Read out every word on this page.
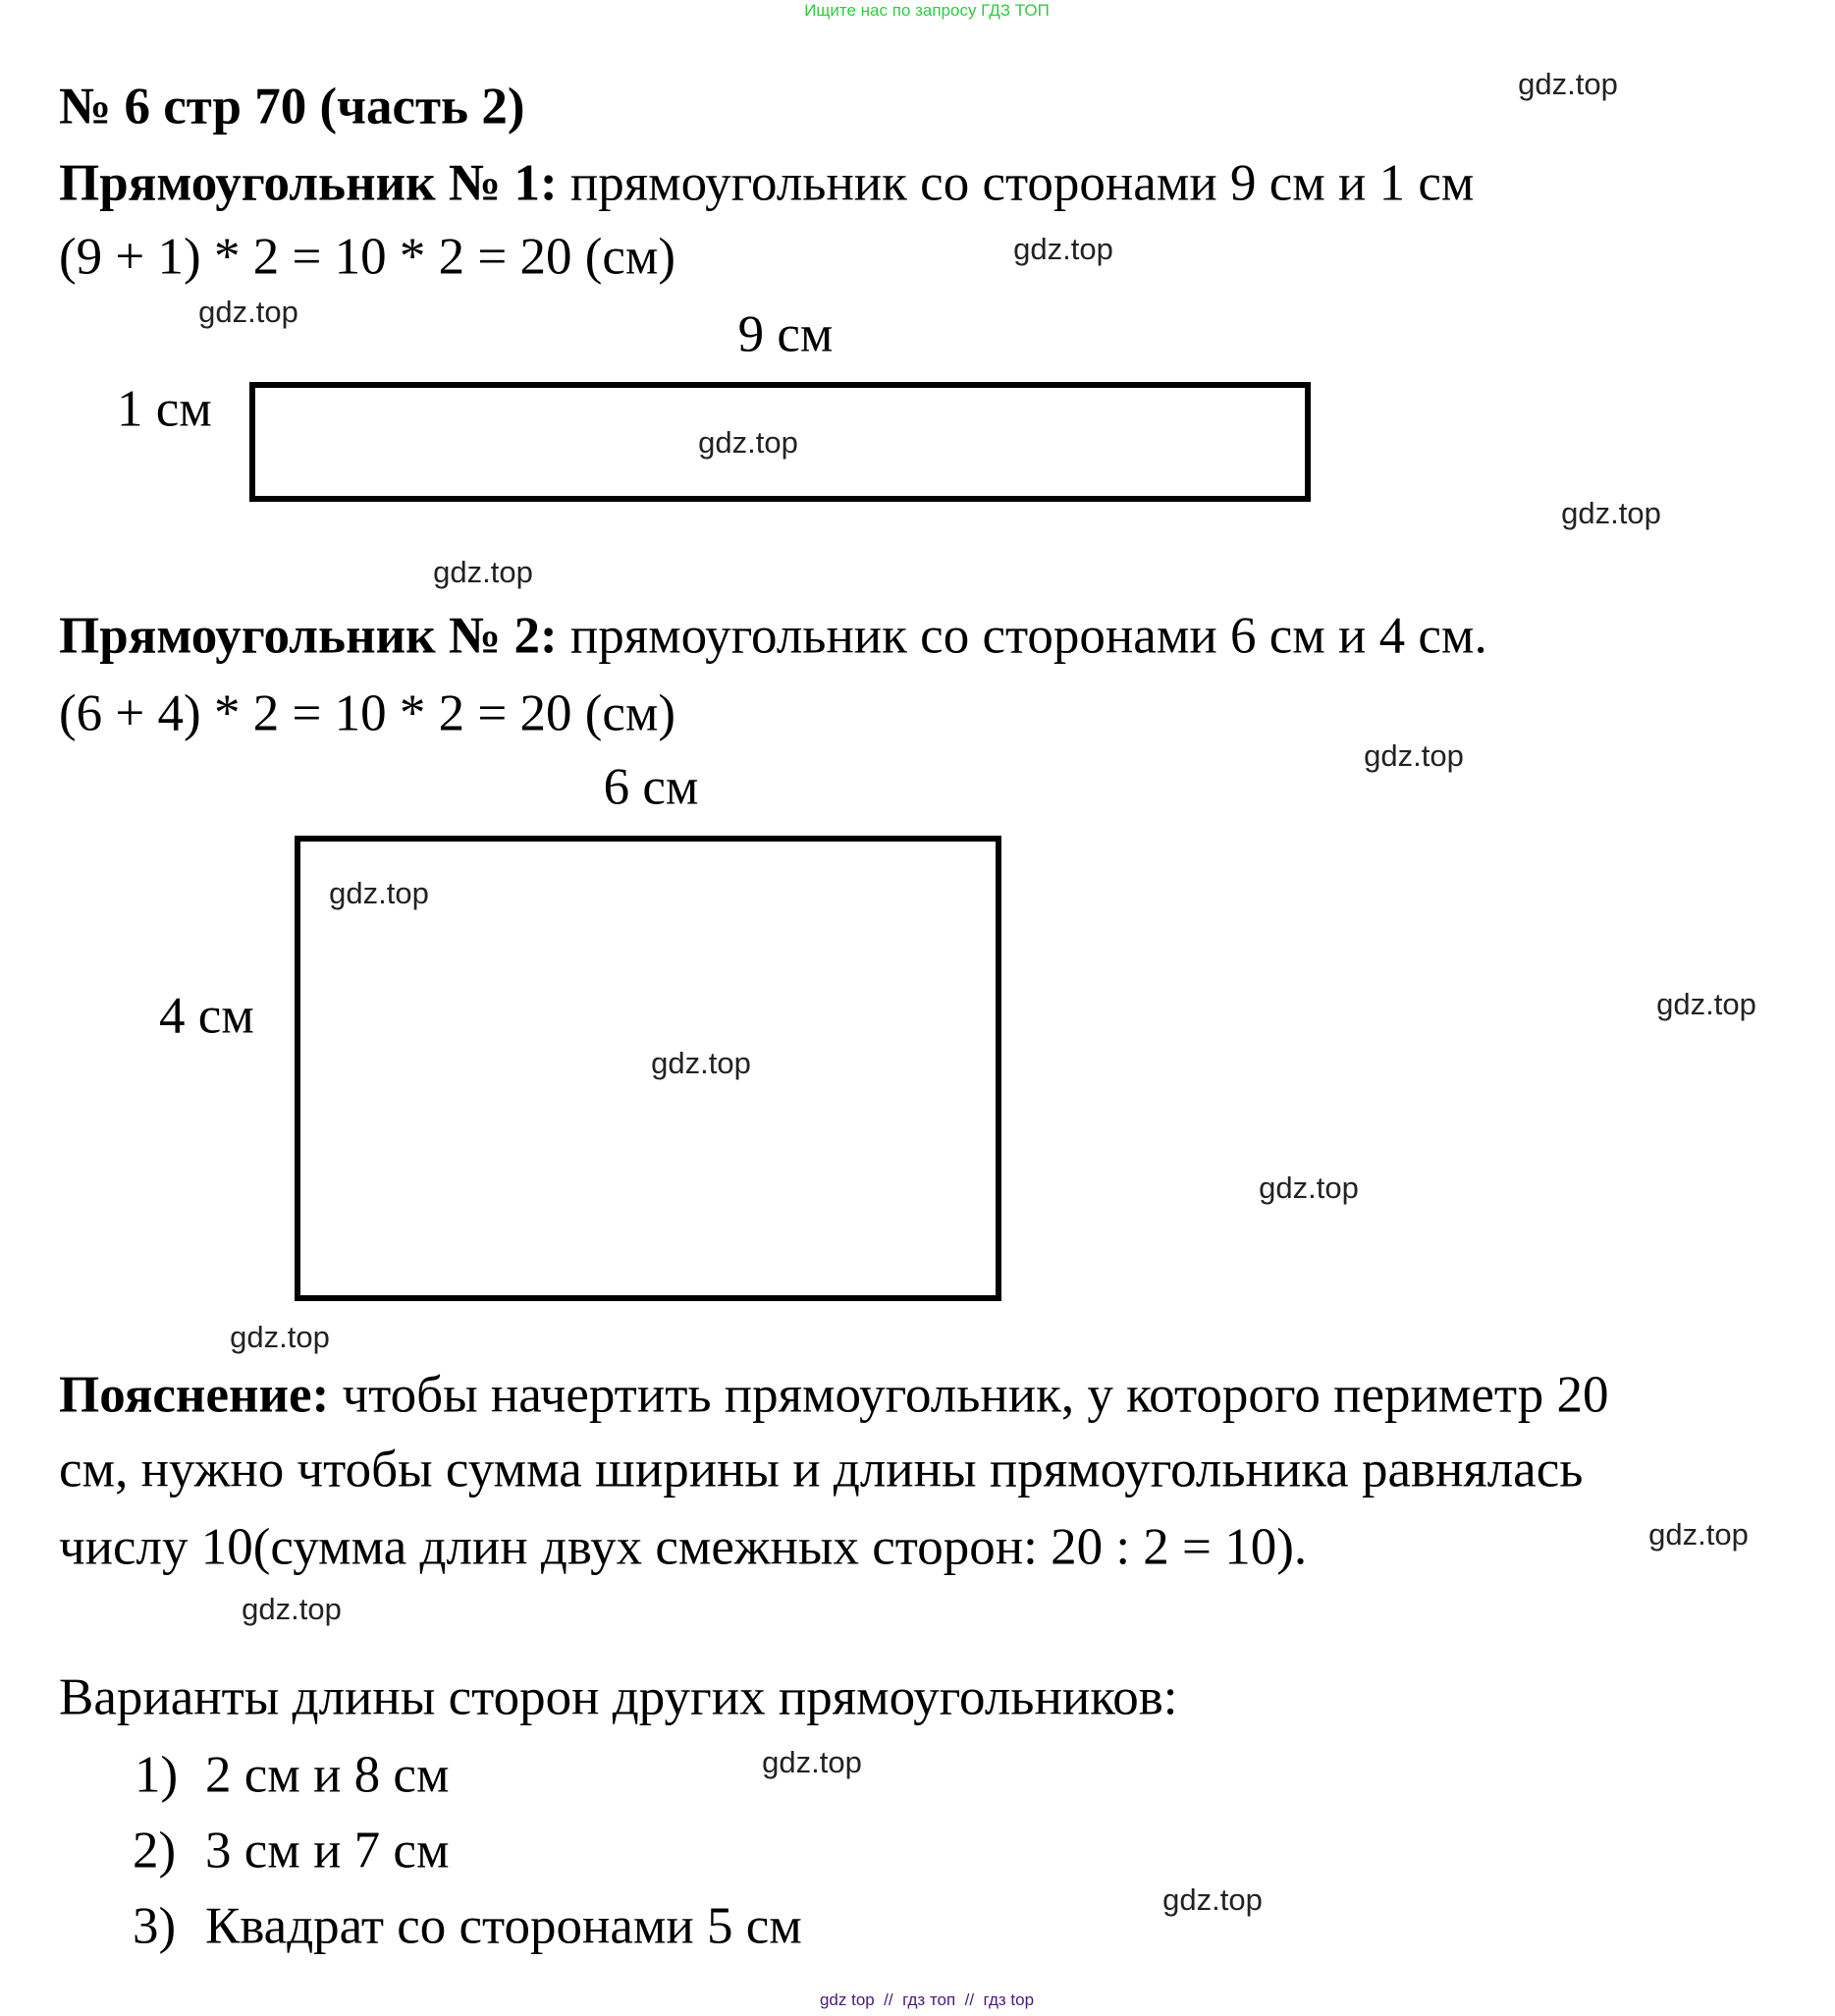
Ищите нас по запросу ГДЗ ТОП
№ 6 стр 70 (часть 2)
Прямоугольник № 1: прямоугольник со сторонами 9 см и 1 см
(9 + 1) * 2 = 10 * 2 = 20 (см)
9 см
1 см
Прямоугольник № 2: прямоугольник со сторонами 6 см и 4 см.
(6 + 4) * 2 = 10 * 2 = 20 (см)
6 см
4 см
Пояснение: чтобы начертить прямоугольник, у которого периметр 20
см, нужно чтобы сумма ширины и длины прямоугольника равнялась
числу 10(сумма длин двух смежных сторон: 20 : 2 = 10).
Варианты длины сторон других прямоугольников:
1) 2 см и 8 см
2) 3 см и 7 см
3) Квадрат со сторонами 5 см
gdz.top
gdz.top
gdz.top
gdz.top
gdz.top
gdz.top
gdz.top
gdz.top
gdz.top
gdz.top
gdz.top
gdz.top
gdz.top
gdz.top
gdz.top
gdz.top
gdz top  //  гдз топ  //  гдз top
